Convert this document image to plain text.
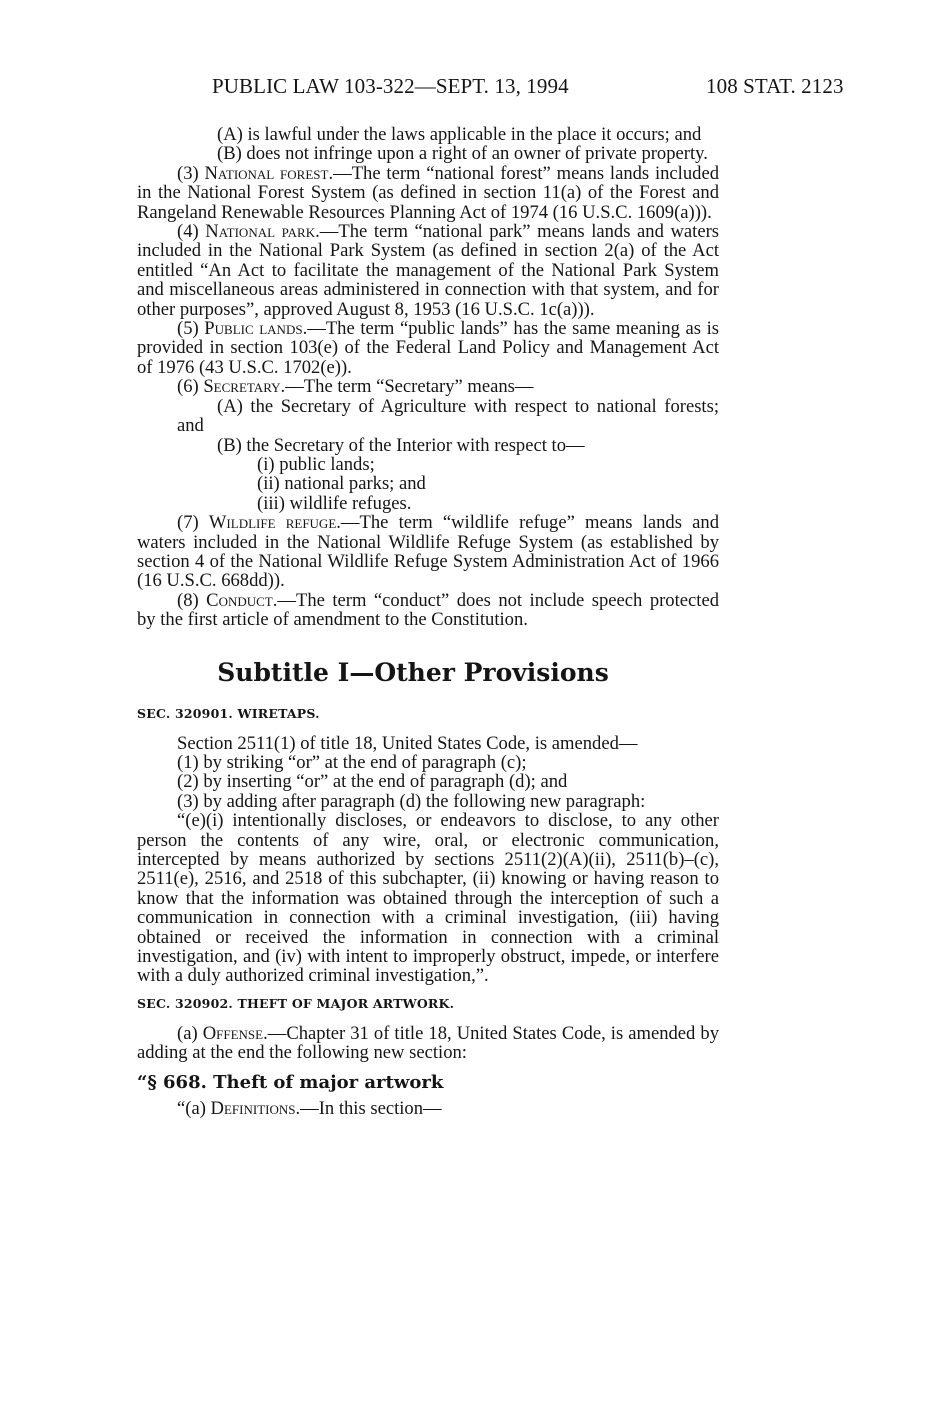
PUBLIC LAW 103-322—SEPT. 13, 1994	108 STAT. 2123

(A) is lawful under the laws applicable in the place it occurs; and

(B) does not infringe upon a right of an owner of private property.

(3) National forest.—The term “national forest” means lands included in the National Forest System (as defined in section 11(a) of the Forest and Rangeland Renewable Resources Planning Act of 1974 (16 U.S.C. 1609(a))).

(4) National park.—The term “national park” means lands and waters included in the National Park System (as defined in section 2(a) of the Act entitled “An Act to facilitate the management of the National Park System and miscellaneous areas administered in connection with that system, and for other purposes”, approved August 8, 1953 (16 U.S.C. 1c(a))).

(5) Public lands.—The term “public lands” has the same meaning as is provided in section 103(e) of the Federal Land Policy and Management Act of 1976 (43 U.S.C. 1702(e)).

(6) Secretary.—The term “Secretary” means—

(A) the Secretary of Agriculture with respect to national forests; and

(B) the Secretary of the Interior with respect to—

(i) public lands;

(ii) national parks; and

(iii) wildlife refuges.

(7) Wildlife refuge.—The term “wildlife refuge” means lands and waters included in the National Wildlife Refuge System (as established by section 4 of the National Wildlife Refuge System Administration Act of 1966 (16 U.S.C. 668dd)).

(8) Conduct.—The term “conduct” does not include speech protected by the first article of amendment to the Constitution.

Subtitle I—Other Provisions
SEC. 320901. WIRETAPS.

Section 2511(1) of title 18, United States Code, is amended—

(1) by striking “or” at the end of paragraph (c);

(2) by inserting “or” at the end of paragraph (d); and

(3) by adding after paragraph (d) the following new paragraph:

“(e)(i) intentionally discloses, or endeavors to disclose, to any other person the contents of any wire, oral, or electronic communication, intercepted by means authorized by sections 2511(2)(A)(ii), 2511(b)–(c), 2511(e), 2516, and 2518 of this subchapter, (ii) knowing or having reason to know that the information was obtained through the interception of such a communication in connection with a criminal investigation, (iii) having obtained or received the information in connection with a criminal investigation, and (iv) with intent to improperly obstruct, impede, or interfere with a duly authorized criminal investigation,”.

SEC. 320902. THEFT OF MAJOR ARTWORK.

(a) Offense.—Chapter 31 of title 18, United States Code, is amended by adding at the end the following new section:

“§ 668. Theft of major artwork

“(a) Definitions.—In this section—
